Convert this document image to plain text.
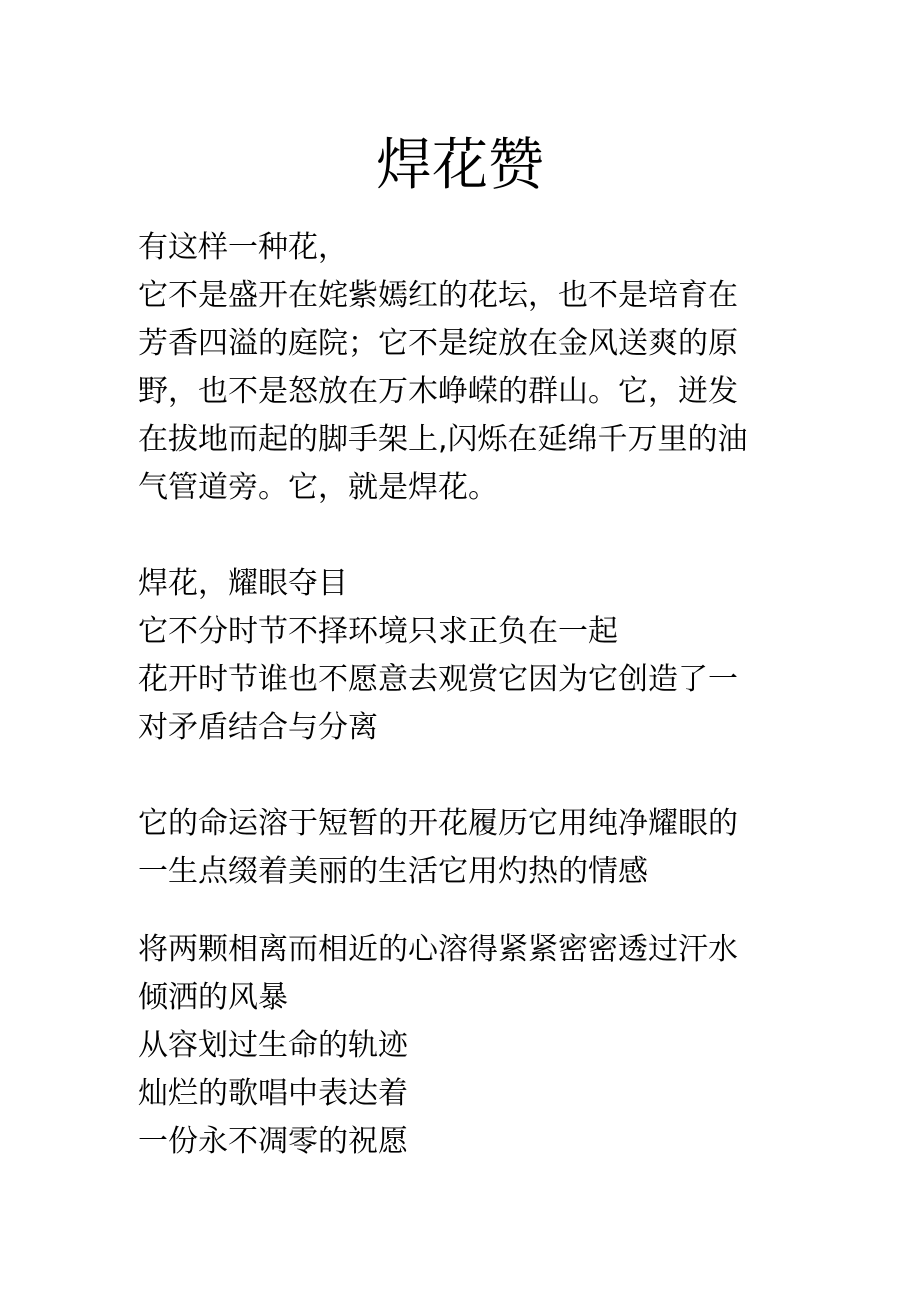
焊花赞

有这样一种花，

它不是盛开在姹紫嫣红的花坛，也不是培育在

芳香四溢的庭院；它不是绽放在金风送爽的原

野，也不是怒放在万木峥嵘的群山。它，迸发

在拔地而起的脚手架上,闪烁在延绵千万里的油

气管道旁。它，就是焊花。

焊花，耀眼夺目

它不分时节不择环境只求正负在一起

花开时节谁也不愿意去观赏它因为它创造了一

对矛盾结合与分离

它的命运溶于短暂的开花履历它用纯净耀眼的

一生点缀着美丽的生活它用灼热的情感

将两颗相离而相近的心溶得紧紧密密透过汗水

倾洒的风暴

从容划过生命的轨迹

灿烂的歌唱中表达着

一份永不凋零的祝愿
